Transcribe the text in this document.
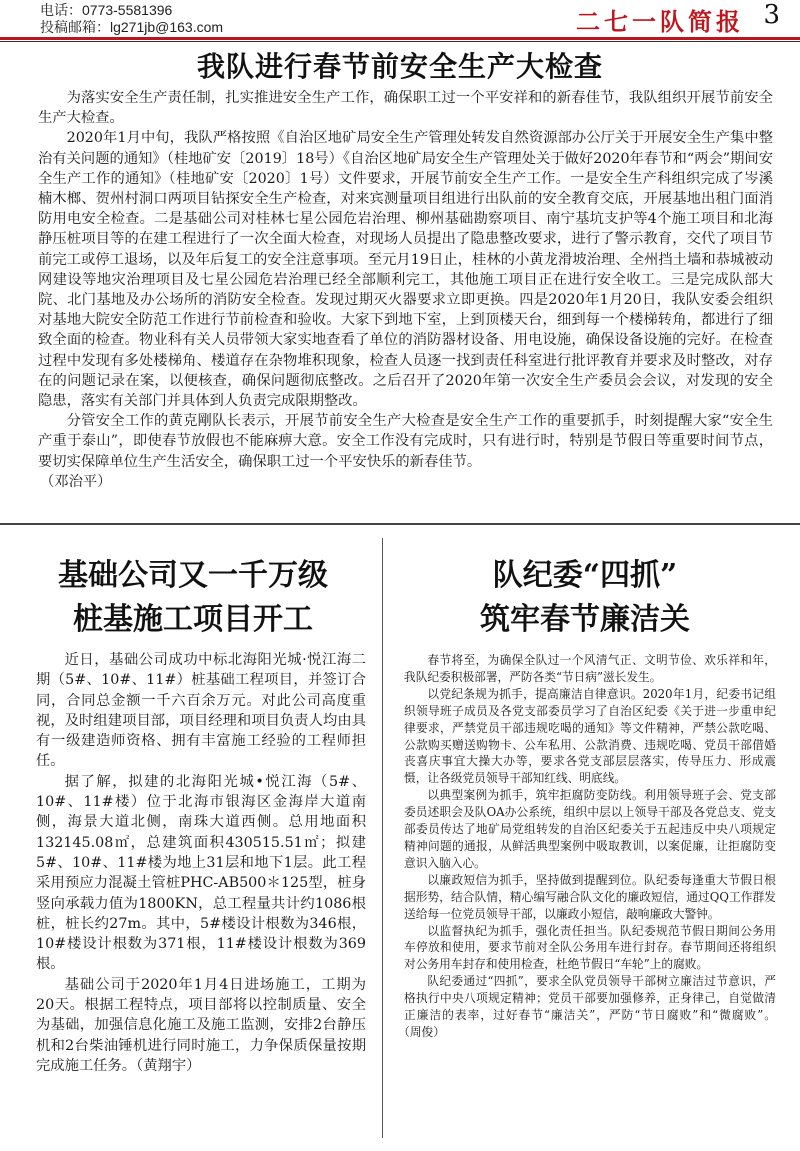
电话：0773-5581396
投稿邮箱：lg271jb@163.com	二七一队简报 3
我队进行春节前安全生产大检查

为落实安全生产责任制，扎实推进安全生产工作，确保职工过一个平安祥和的新春佳节，我队组织开展节前安全生产大检查。

2020年1月中旬，我队严格按照《自治区地矿局安全生产管理处转发自然资源部办公厅关于开展安全生产集中整治有关问题的通知》（桂地矿安〔2019〕18号）《自治区地矿局安全生产管理处关于做好2020年春节和“两会”期间安全生产工作的通知》（桂地矿安〔2020〕1号）文件要求，开展节前安全生产工作。一是安全生产科组织完成了岑溪楠木榔、贺州村洞口两项目钻探安全生产检查，对来宾测量项目组进行出队前的安全教育交底，开展基地出租门面消防用电安全检查。二是基础公司对桂林七星公园危岩治理、柳州基础勘察项目、南宁基坑支护等4个施工项目和北海静压桩项目等的在建工程进行了一次全面大检查，对现场人员提出了隐患整改要求，进行了警示教育，交代了项目节前完工或停工退场，以及年后复工的安全注意事项。至元月19日止，桂林的小黄龙滑坡治理、全州挡土墙和恭城被动网建设等地灾治理项目及七星公园危岩治理已经全部顺利完工，其他施工项目正在进行安全收工。三是完成队部大院、北门基地及办公场所的消防安全检查。发现过期灭火器要求立即更换。四是2020年1月20日，我队安委会组织对基地大院安全防范工作进行节前检查和验收。大家下到地下室，上到顶楼天台，细到每一个楼梯转角，都进行了细致全面的检查。物业科有关人员带领大家实地查看了单位的消防器材设备、用电设施，确保设备设施的完好。在检查过程中发现有多处楼梯角、楼道存在杂物堆积现象，检查人员逐一找到责任科室进行批评教育并要求及时整改，对存在的问题记录在案，以便核查，确保问题彻底整改。之后召开了2020年第一次安全生产委员会会议，对发现的安全隐患，落实有关部门并具体到人负责完成限期整改。

分管安全工作的黄克剛队长表示，开展节前安全生产大检查是安全生产工作的重要抓手，时刻提醒大家“安全生产重于泰山”，即使春节放假也不能麻痹大意。安全工作没有完成时，只有进行时，特别是节假日等重要时间节点，要切实保障单位生产生活安全，确保职工过一个平安快乐的新春佳节。

（邓治平）
基础公司又一千万级
桩基施工项目开工

近日，基础公司成功中标北海阳光城·悦江海二期（5#、10#、11#）桩基础工程项目，并签订合同，合同总金额一千六百余万元。对此公司高度重视，及时组建项目部，项目经理和项目负责人均由具有一级建造师资格、拥有丰富施工经验的工程师担任。

据了解，拟建的北海阳光城•悦江海（5#、10#、11#楼）位于北海市银海区金海岸大道南侧，海景大道北侧，南珠大道西侧。总用地面积132145.08㎡，总建筑面积430515.51㎡；拟建5#、10#、11#楼为地上31层和地下1层。此工程采用预应力混凝土管桩PHC-AB500＊125型，桩身竖向承载力值为1800KN，总工程量共计约1086根桩，桩长约27m。其中，5#楼设计根数为346根，10#楼设计根数为371根，11#楼设计根数为369根。

基础公司于2020年1月4日进场施工，工期为20天。根据工程特点，项目部将以控制质量、安全为基础，加强信息化施工及施工监测，安排2台静压机和2台柴油锤机进行同时施工，力争保质保量按期完成施工任务。（黄翔宇）

队纪委“四抓”
筑牢春节廉洁关

春节将至，为确保全队过一个风清气正、文明节俭、欢乐祥和年，我队纪委积极部署，严防各类“节日病”滋长发生。

以党纪条规为抓手，提高廉洁自律意识。2020年1月，纪委书记组织领导班子成员及各党支部委员学习了自治区纪委《关于进一步重申纪律要求，严禁党员干部违规吃喝的通知》等文件精神，严禁公款吃喝、公款购买赠送购物卡、公车私用、公款消费、违规吃喝、党员干部借婚丧喜庆事宜大操大办等，要求各党支部层层落实，传导压力、形成震慑，让各级党员领导干部知红线、明底线。

以典型案例为抓手，筑牢拒腐防变防线。利用领导班子会、党支部委员述职会及队OA办公系统，组织中层以上领导干部及各党总支、党支部委员传达了地矿局党组转发的自治区纪委关于五起违反中央八项规定精神问题的通报，从鲜活典型案例中吸取教训，以案促廉，让拒腐防变意识入脑入心。

以廉政短信为抓手，坚持做到提醒到位。队纪委每逢重大节假日根据形势，结合队情，精心编写融合队文化的廉政短信，通过QQ工作群发送给每一位党员领导干部，以廉政小短信，敲响廉政大警钟。

以监督执纪为抓手，强化责任担当。队纪委规范节假日期间公务用车停放和使用，要求节前对全队公务用车进行封存。春节期间还将组织对公务用车封存和使用检查，杜绝节假日“车轮”上的腐败。

队纪委通过“四抓”，要求全队党员领导干部树立廉洁过节意识，严格执行中央八项规定精神；党员干部要加强修养，正身律己，自觉做清正廉洁的表率，过好春节“廉洁关”，严防“节日腐败”和“微腐败”。（周俊）
